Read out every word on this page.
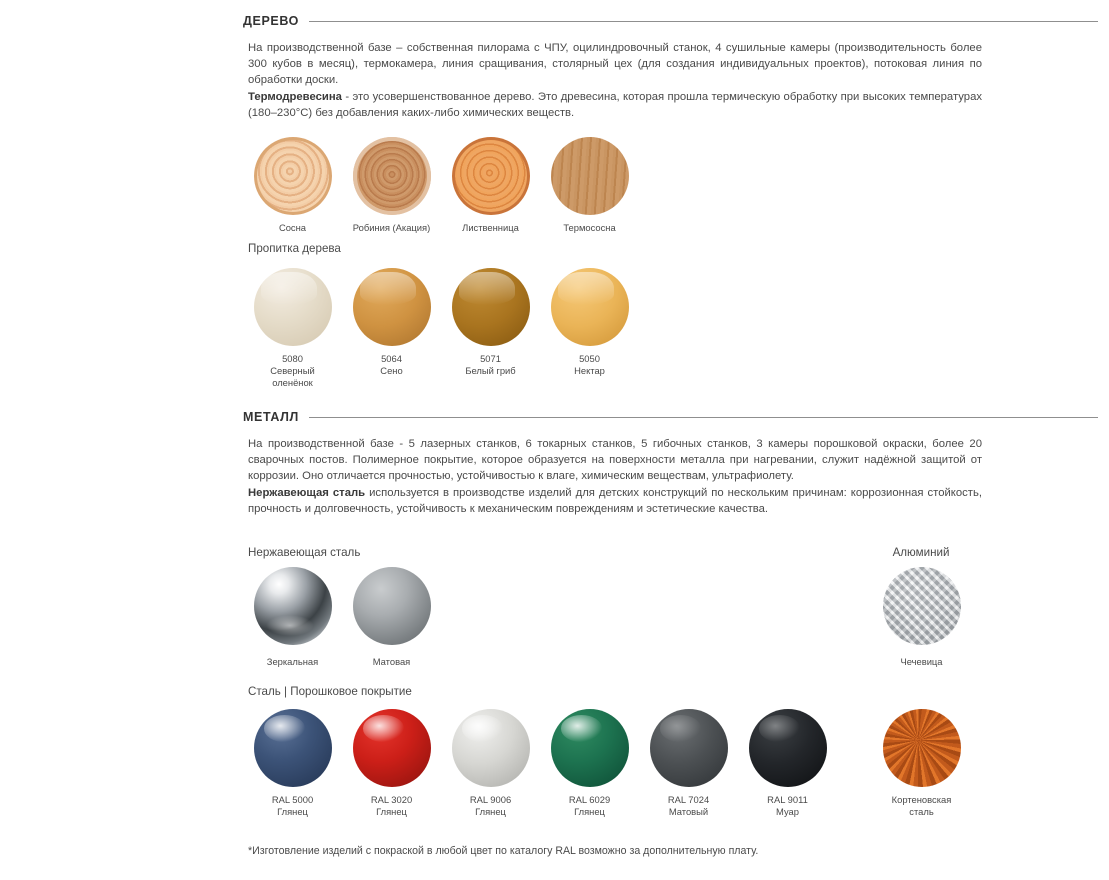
ДЕРЕВО
На производственной базе – собственная пилорама с ЧПУ, оцилиндровочный станок, 4 сушильные камеры (производительность более 300 кубов в месяц), термокамера, линия сращивания, столярный цех (для создания индивидуальных проектов), потоковая линия по обработки доски.
Термодревесина - это усовершенствованное дерево. Это древесина, которая прошла термическую обработку при высоких температурах (180–230°С) без добавления каких-либо химических веществ.
Сосна	Робиния (Акация)	Лиственница	Термососна
Пропитка дерева
5080
Северный
оленёнок
5064
Сено
5071
Белый гриб
5050
Нектар
МЕТАЛЛ
На производственной базе - 5 лазерных станков, 6 токарных станков, 5 гибочных станков, 3 камеры порошковой окраски, более 20 сварочных постов. Полимерное покрытие, которое образуется на поверхности металла при нагревании, служит надёжной защитой от коррозии. Оно отличается прочностью, устойчивостью к влаге, химическим веществам, ультрафиолету.
Нержавеющая сталь используется в производстве изделий для детских конструкций по нескольким причинам: коррозионная стойкость, прочность и долговечность, устойчивость к механическим повреждениям и эстетические качества.
Нержавеющая сталь
Зеркальная	Матовая
Алюминий
Чечевица
Сталь | Порошковое покрытие
RAL 5000
Глянец
RAL 3020
Глянец
RAL 9006
Глянец
RAL 6029
Глянец
RAL 7024
Матовый
RAL 9011
Муар
Кортеновская
сталь
*Изготовление изделий с покраской в любой цвет по каталогу RAL возможно за дополнительную плату.
